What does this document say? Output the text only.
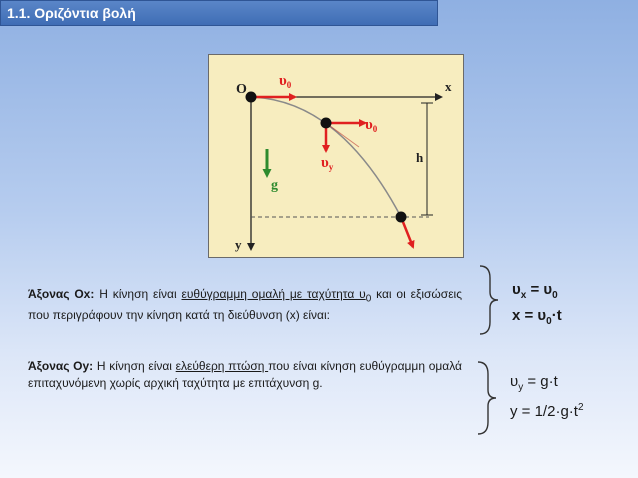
1.1. Οριζόντια βολή
O	x
y
$\upsilon_0$
$\upsilon_0$
$\upsilon_y$
h
g
Άξονας Οx: Η κίνηση είναι ευθύγραμμη ομαλή με ταχύτητα $\upsilon_0$ και οι εξισώσεις που περιγράφουν την κίνηση κατά τη διεύθυνση (x) είναι:
$\upsilon_x = \upsilon_0$
$x = \upsilon_0\cdot t$
Άξονας Οy: Η κίνηση είναι ελεύθερη πτώση που είναι κίνηση ευθύγραμμη ομαλά επιταχυνόμενη χωρίς αρχική ταχύτητα με επιτάχυνση g.	$\upsilon_y = g\cdot t$
$y = 1/2\cdot g\cdot t^2$
